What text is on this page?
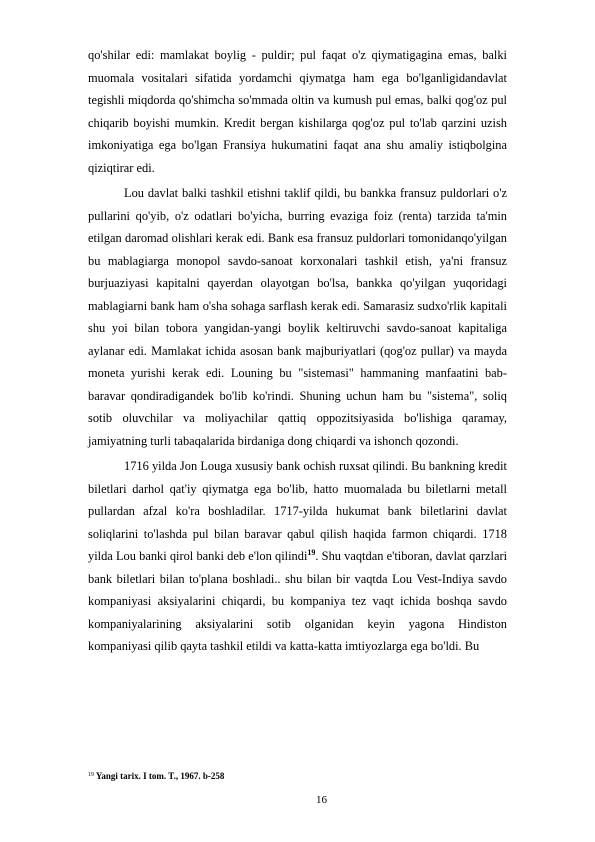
qo'shilar edi: mamlakat boylig - puldir; pul faqat o'z qiymatigagina emas, balki muomala vositalari sifatida yordamchi qiymatga ham ega bo'lganligidandavlat tegishli miqdorda qo'shimcha so'mmada oltin va kumush pul emas, balki qog'oz pul chiqarib boyishi mumkin. Kredit bergan kishilarga qog'oz pul to'lab qarzini uzish imkoniyatiga ega bo'lgan Fransiya hukumatini faqat ana shu amaliy istiqbolgina qiziqtirar edi.

Lou davlat balki tashkil etishni taklif qildi, bu bankka fransuz puldorlari o'z pullarini qo'yib, o'z odatlari bo'yicha, burring evaziga foiz (renta) tarzida ta'min etilgan daromad olishlari kerak edi. Bank esa fransuz puldorlari tomonidanqo'yilgan bu mablagiarga monopol savdo-sanoat korxonalari tashkil etish, ya'ni fransuz burjuaziyasi kapitalni qayerdan olayotgan bo'lsa, bankka qo'yilgan yuqoridagi mablagiarni bank ham o'sha sohaga sarflash kerak edi. Samarasiz sudxo'rlik kapitali shu yoi bilan tobora yangidan-yangi boylik keltiruvchi savdo-sanoat kapitaliga aylanar edi. Mamlakat ichida asosan bank majburiyatlari (qog'oz pullar) va mayda moneta yurishi kerak edi. Louning bu "sistemasi" hammaning manfaatini bab-baravar qondiradigandek bo'lib ko'rindi. Shuning uchun ham bu "sistema", soliq sotib oluvchilar va moliyachilar qattiq oppozitsiyasida bo'lishiga qaramay, jamiyatning turli tabaqalarida birdaniga dong chiqardi va ishonch qozondi.

1716 yilda Jon Louga xususiy bank ochish ruxsat qilindi. Bu bankning kredit biletlari darhol qat'iy qiymatga ega bo'lib, hatto muomalada bu biletlarni metall pullardan afzal ko'ra boshladilar. 1717-yilda hukumat bank biletlarini davlat soliqlarini to'lashda pul bilan baravar qabul qilish haqida farmon chiqardi. 1718 yilda Lou banki qirol banki deb e'lon qilindi$^{19}$. Shu vaqtdan e'tiboran, davlat qarzlari bank biletlari bilan to'plana boshladi.. shu bilan bir vaqtda Lou Vest-Indiya savdo kompaniyasi aksiyalarini chiqardi, bu kompaniya tez vaqt ichida boshqa savdo kompaniyalarining aksiyalarini sotib olganidan keyin yagona Hindiston kompaniyasi qilib qayta tashkil etildi va katta-katta imtiyozlarga ega bo'ldi. Bu

$^{19}$ Yangi tarix. I tom. T., 1967. b-258
16
